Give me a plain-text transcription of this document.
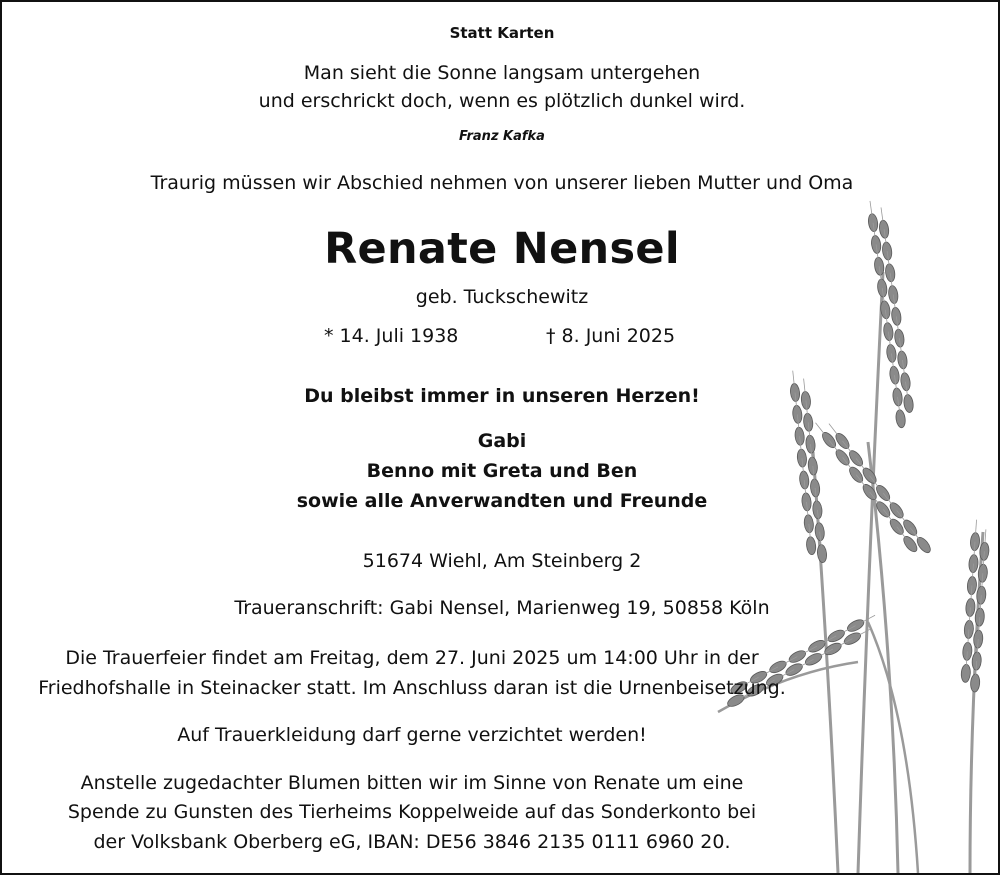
Statt Karten

Man sieht die Sonne langsam untergehen

und erschrickt doch, wenn es plötzlich dunkel wird.

Franz Kafka

Traurig müssen wir Abschied nehmen von unserer lieben Mutter und Oma

Renate Nensel

geb. Tuckschewitz

* 14. Juli 1938	† 8. Juni 2025

Du bleibst immer in unseren Herzen!

Gabi

Benno mit Greta und Ben

sowie alle Anverwandten und Freunde

51674 Wiehl, Am Steinberg 2

Traueranschrift: Gabi Nensel, Marienweg 19, 50858 Köln

Die Trauerfeier findet am Freitag, dem 27. Juni 2025 um 14:00 Uhr in der

Friedhofshalle in Steinacker statt. Im Anschluss daran ist die Urnenbeisetzung.

Auf Trauerkleidung darf gerne verzichtet werden!

Anstelle zugedachter Blumen bitten wir im Sinne von Renate um eine

Spende zu Gunsten des Tierheims Koppelweide auf das Sonderkonto bei

der Volksbank Oberberg eG, IBAN: DE56 3846 2135 0111 6960 20.
